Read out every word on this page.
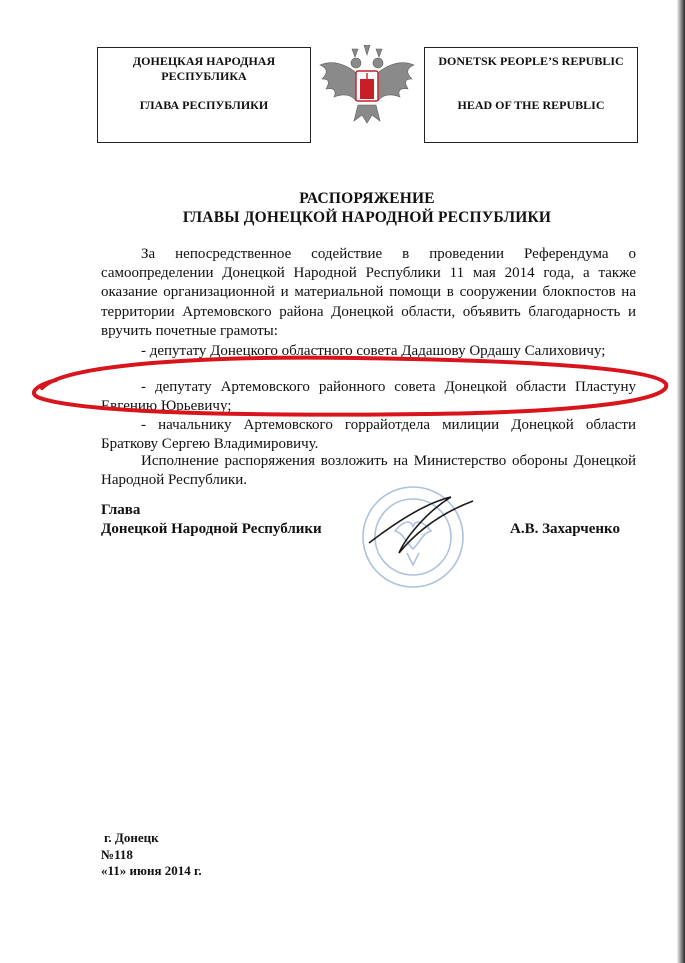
ДОНЕЦКАЯ НАРОДНАЯ РЕСПУБЛИКА
ГЛАВА РЕСПУБЛИКИ
DONETSK PEOPLE’S REPUBLIC
HEAD OF THE REPUBLIC
РАСПОРЯЖЕНИЕ
ГЛАВЫ ДОНЕЦКОЙ НАРОДНОЙ РЕСПУБЛИКИ

За непосредственное содействие в проведении Референдума о самоопределении Донецкой Народной Республики 11 мая 2014 года, а также оказание организационной и материальной помощи в сооружении блокпостов на территории Артемовского района Донецкой области, объявить благодарность и вручить почетные грамоты:

- депутату Донецкого областного совета Дадашову Ордашу Салиховичу;

- депутату Артемовского районного совета Донецкой области Пластуну Евгению Юрьевичу;

- начальнику Артемовского горрайотдела милиции Донецкой области Браткову Сергею Владимировичу.

Исполнение распоряжения возложить на Министерство обороны Донецкой Народной Республики.

Глава
Донецкой Народной Республики	А.В. Захарченко
г. Донецк
№118
«11» июня 2014 г.
